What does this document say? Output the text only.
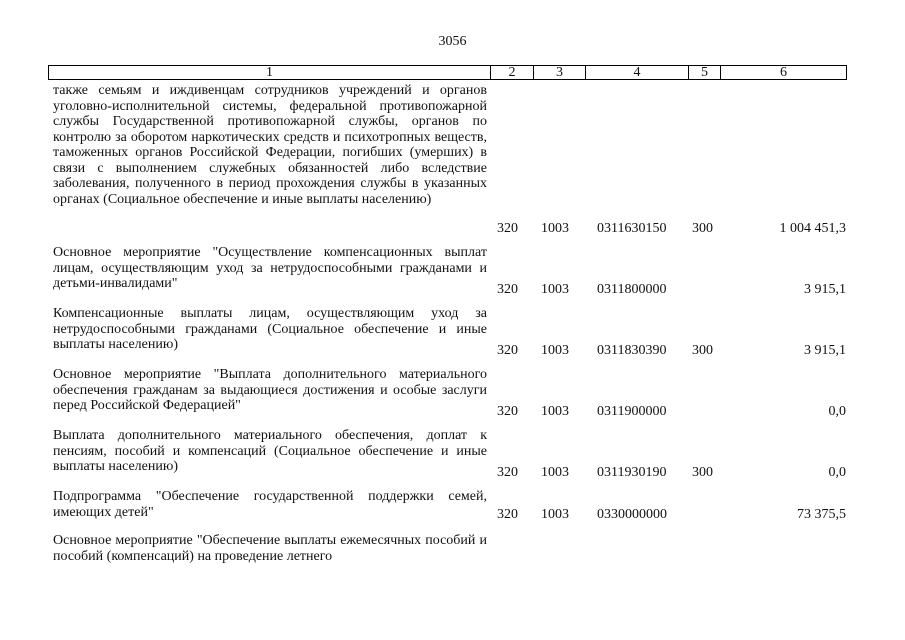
3056
1	2	3	4	5	6
также семьям и иждивенцам сотрудников учреждений и органов уголовно-исполнительной системы, федеральной противопожарной службы Государственной противопожарной службы, органов по контролю за оборотом наркотических средств и психотропных веществ, таможенных органов Российской Федерации, погибших (умерших) в связи с выполнением служебных обязанностей либо вследствие заболевания, полученного в период прохождения службы в указанных органах (Социальное обеспечение и иные выплаты населению)
320 1003 0311630150 300	1 004 451,3
Основное мероприятие "Осуществление компенсационных выплат лицам, осуществляющим уход за нетрудоспособными гражданами и детьми-инвалидами"	320 1003 0311800000	3 915,1
Компенсационные выплаты лицам, осуществляющим уход за нетрудоспособными гражданами (Социальное обеспечение и иные выплаты населению)	320 1003 0311830390 300	3 915,1
Основное мероприятие "Выплата дополнительного материального обеспечения гражданам за выдающиеся достижения и особые заслуги перед Российской Федерацией"	320 1003 0311900000	0,0
Выплата дополнительного материального обеспечения, доплат к пенсиям, пособий и компенсаций (Социальное обеспечение и иные выплаты населению)	320 1003 0311930190 300	0,0
Подпрограмма "Обеспечение государственной поддержки семей, имеющих детей"	320 1003 0330000000	73 375,5
Основное мероприятие "Обеспечение выплаты ежемесячных пособий и пособий (компенсаций) на проведение летнего
